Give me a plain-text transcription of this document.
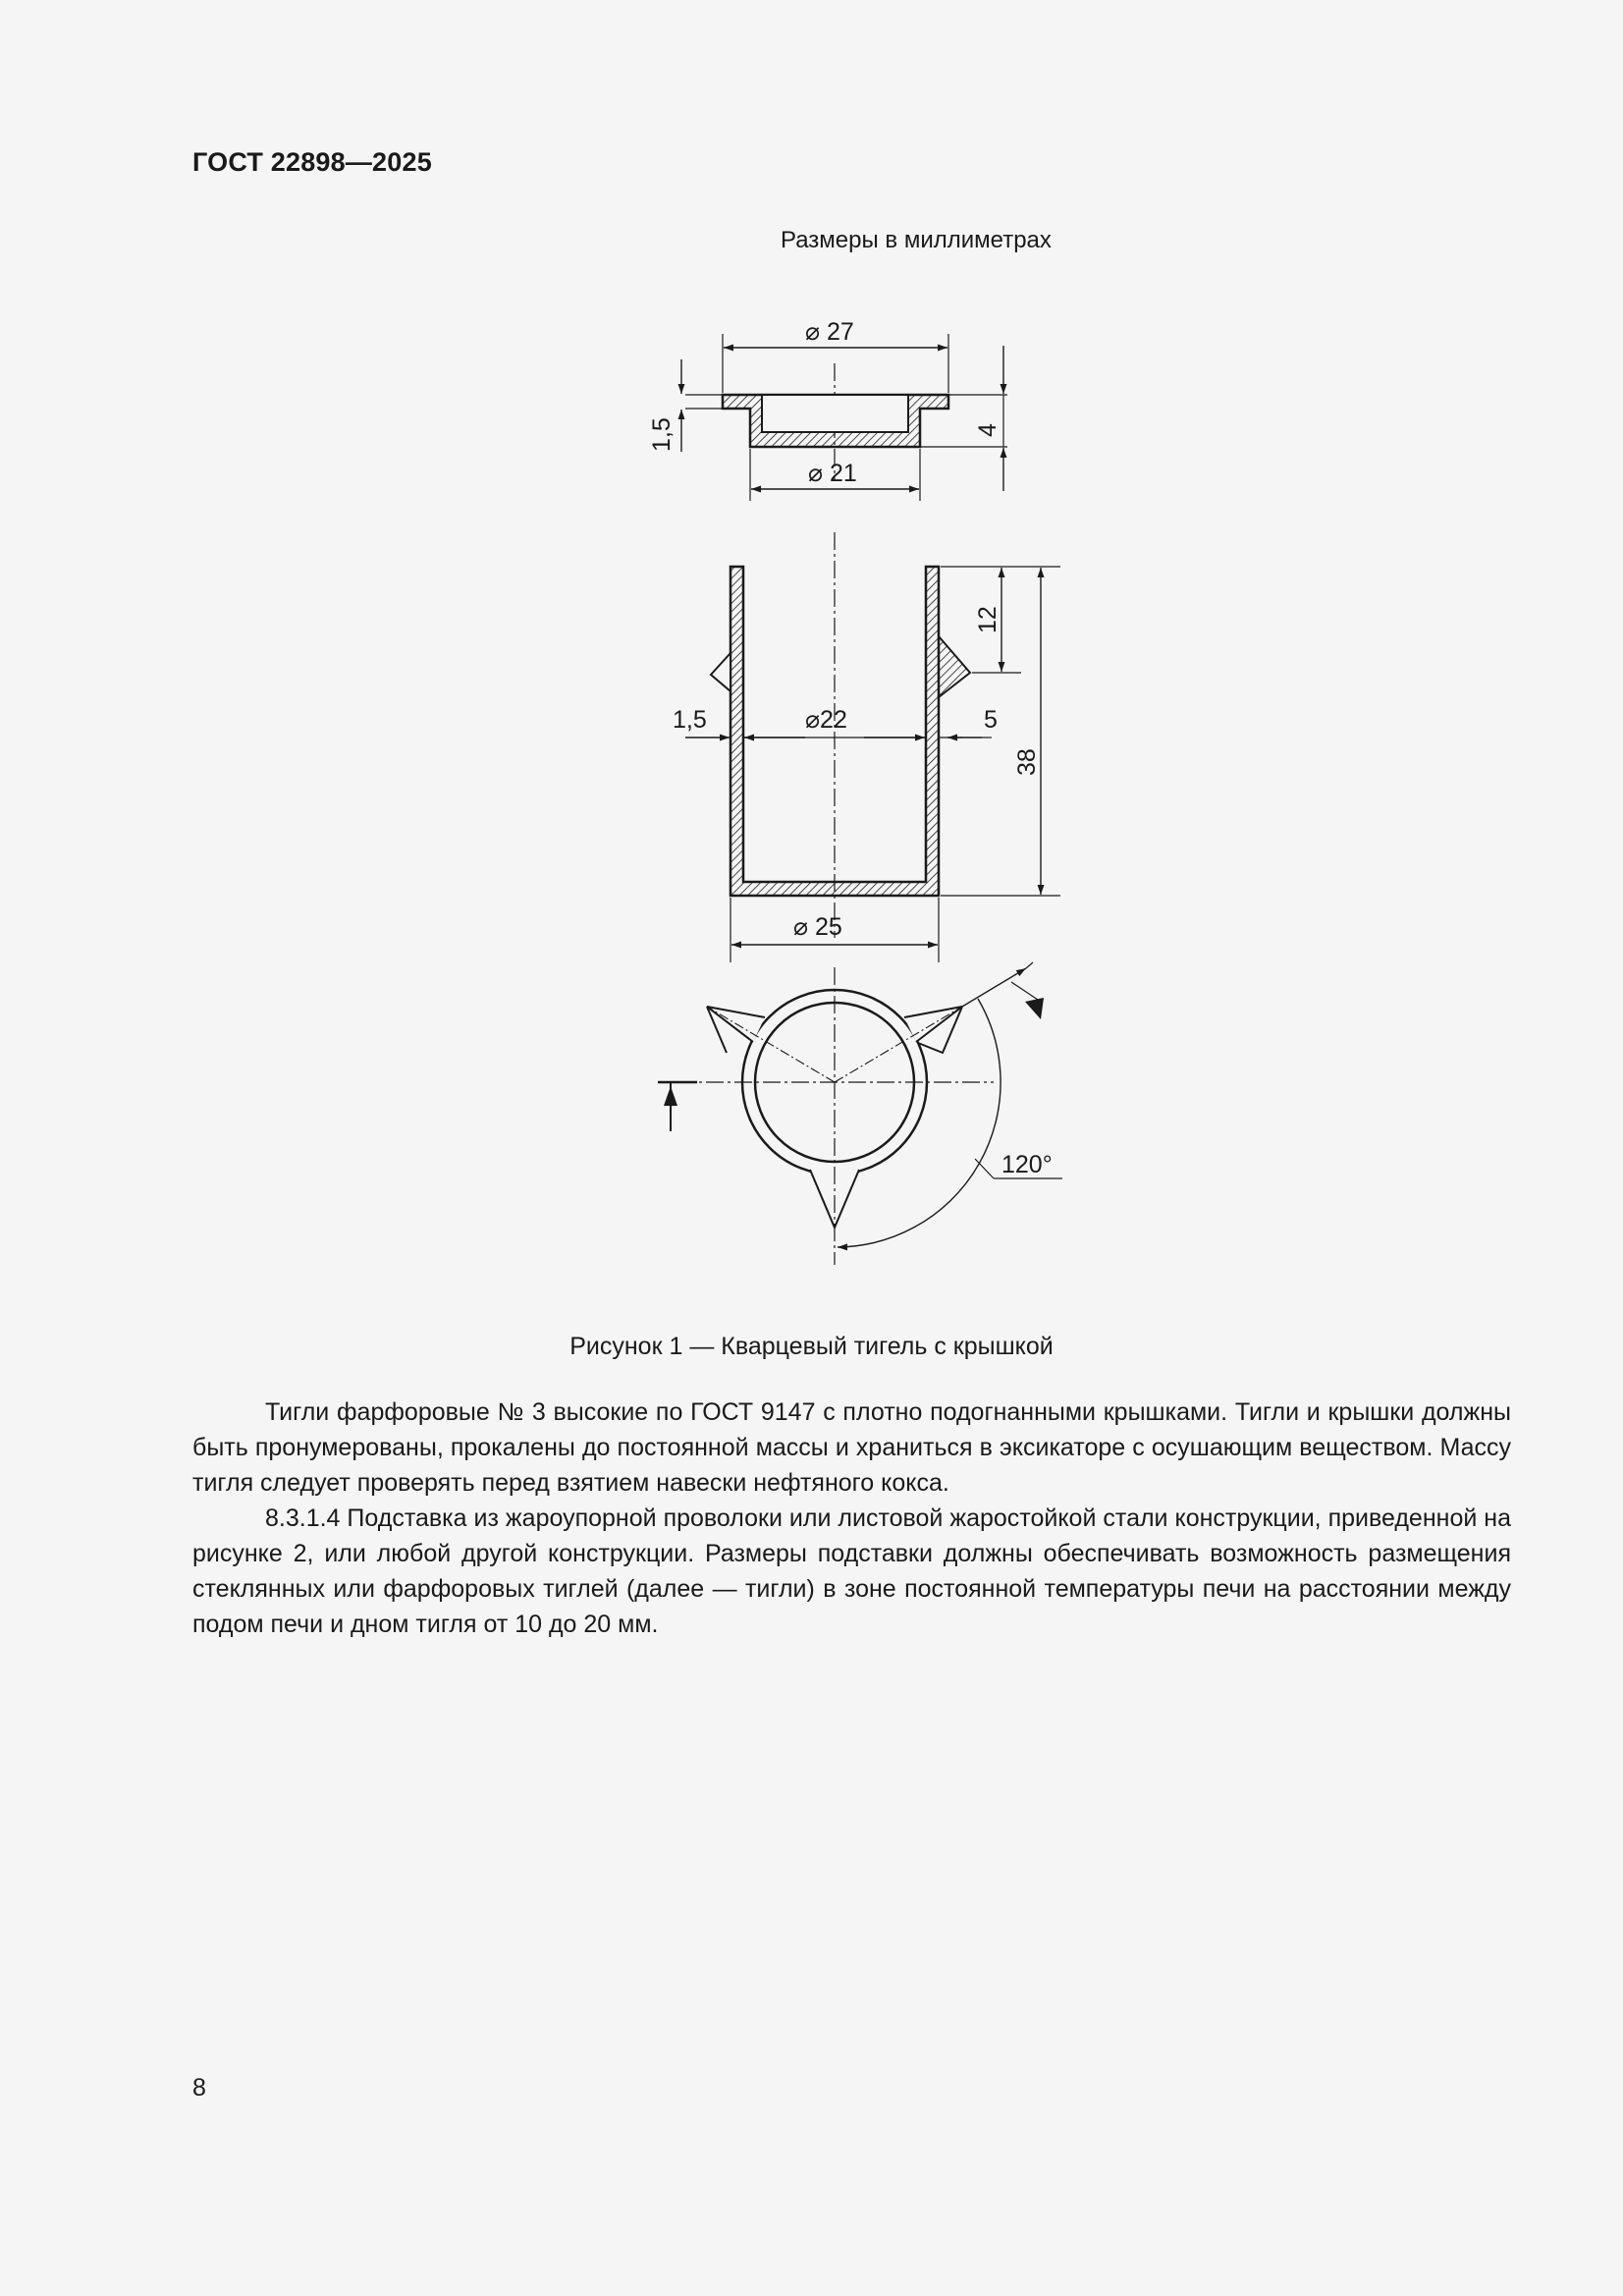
ГОСТ 22898—2025
Размеры в миллиметрах
⌀ 27
⌀ 21
1,5	4
1,5	⌀22	5
12
38
⌀ 25
120°
Рисунок 1 — Кварцевый тигель с крышкой

Тигли фарфоровые № 3 высокие по ГОСТ 9147 с плотно подогнанными крышками. Тигли и крышки должны быть пронумерованы, прокалены до постоянной массы и храниться в эксикаторе с осушающим веществом. Массу тигля следует проверять перед взятием навески нефтяного кокса.

8.3.1.4 Подставка из жароупорной проволоки или листовой жаростойкой стали конструкции, приведенной на рисунке 2, или любой другой конструкции. Размеры подставки должны обеспечивать возможность размещения стеклянных или фарфоровых тиглей (далее — тигли) в зоне постоянной температуры печи на расстоянии между подом печи и дном тигля от 10 до 20 мм.

8
